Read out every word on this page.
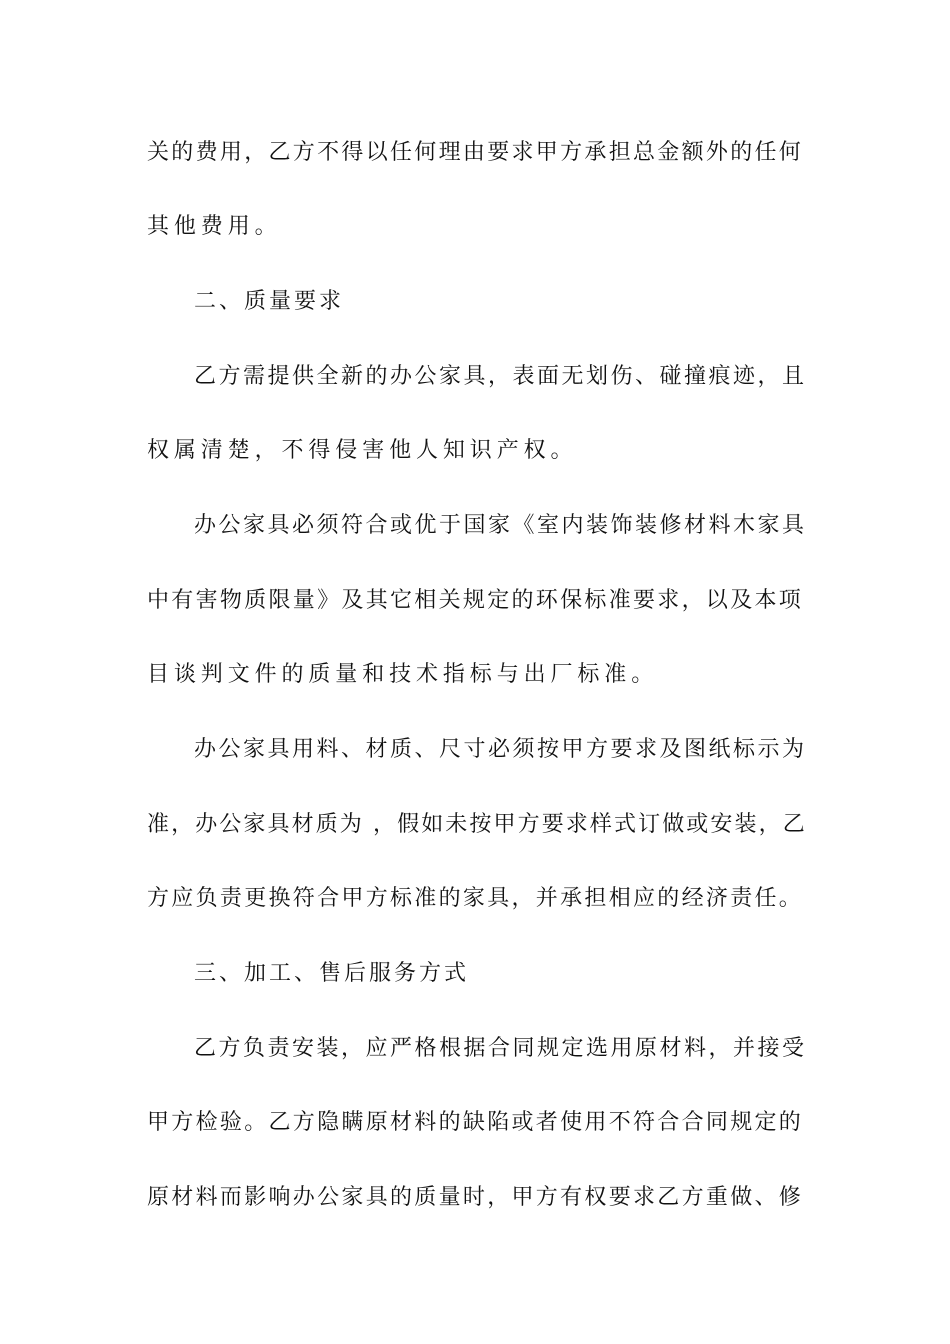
关的费用，乙方不得以任何理由要求甲方承担总金额外的任何
其他费用。
二、质量要求
乙方需提供全新的办公家具，表面无划伤、碰撞痕迹，且
权属清楚，不得侵害他人知识产权。
办公家具必须符合或优于国家《室内装饰装修材料木家具
中有害物质限量》及其它相关规定的环保标准要求，以及本项
目谈判文件的质量和技术指标与出厂标准。
办公家具用料、材质、尺寸必须按甲方要求及图纸标示为
准，办公家具材质为 ，假如未按甲方要求样式订做或安装，乙
方应负责更换符合甲方标准的家具，并承担相应的经济责任。
三、加工、售后服务方式
乙方负责安装，应严格根据合同规定选用原材料，并接受
甲方检验。乙方隐瞒原材料的缺陷或者使用不符合合同规定的
原材料而影响办公家具的质量时，甲方有权要求乙方重做、修
